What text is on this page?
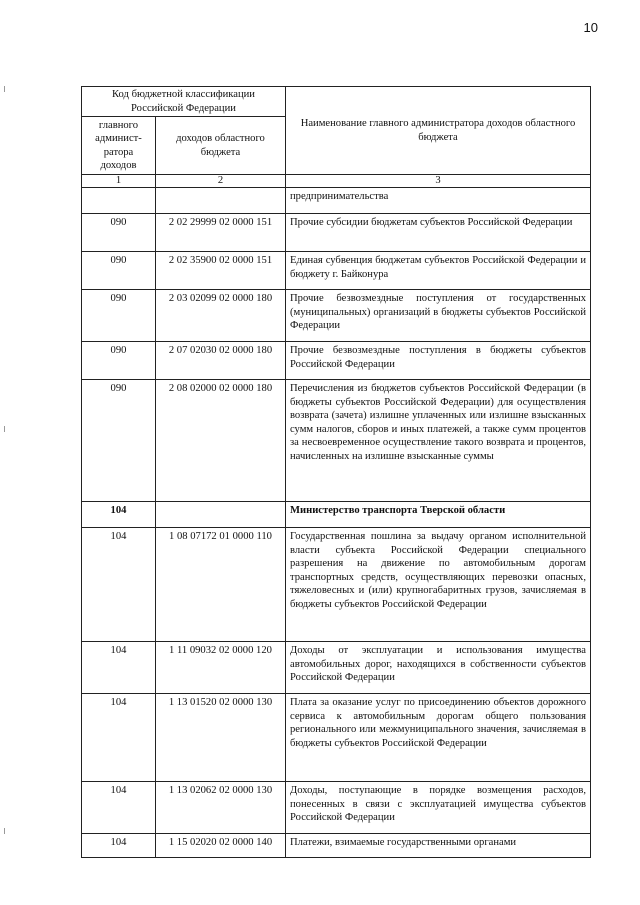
10
Код бюджетной классификации Российской Федерации		Наименование главного администратора доходов областного бюджета
главного админист-ратора доходов	доходов областного бюджета	
1	2	3
		предпринимательства
090	2 02 29999 02 0000 151	Прочие субсидии бюджетам субъектов Российской Федерации
090	2 02 35900 02 0000 151	Единая субвенция бюджетам субъектов Российской Федерации и бюджету г. Байконура
090	2 03 02099 02 0000 180	Прочие безвозмездные поступления от государственных (муниципальных) организаций в бюджеты субъектов Российской Федерации
090	2 07 02030 02 0000 180	Прочие безвозмездные поступления в бюджеты субъектов Российской Федерации
090	2 08 02000 02 0000 180	Перечисления из бюджетов субъектов Российской Федерации (в бюджеты субъектов Российской Федерации) для осуществления возврата (зачета) излишне уплаченных или излишне взысканных сумм налогов, сборов и иных платежей, а также сумм процентов за несвоевременное осуществление такого возврата и процентов, начисленных на излишне взысканные суммы
104		Министерство транспорта Тверской области
104	1 08 07172 01 0000 110	Государственная пошлина за выдачу органом исполнительной власти субъекта Российской Федерации специального разрешения на движение по автомобильным дорогам транспортных средств, осуществляющих перевозки опасных, тяжеловесных и (или) крупногабаритных грузов, зачисляемая в бюджеты субъектов Российской Федерации
104	1 11 09032 02 0000 120	Доходы от эксплуатации и использования имущества автомобильных дорог, находящихся в собственности субъектов Российской Федерации
104	1 13 01520 02 0000 130	Плата за оказание услуг по присоединению объектов дорожного сервиса к автомобильным дорогам общего пользования регионального или межмуниципального значения, зачисляемая в бюджеты субъектов Российской Федерации
104	1 13 02062 02 0000 130	Доходы, поступающие в порядке возмещения расходов, понесенных в связи с эксплуатацией имущества субъектов Российской Федерации
104	1 15 02020 02 0000 140	Платежи, взимаемые государственными органами
